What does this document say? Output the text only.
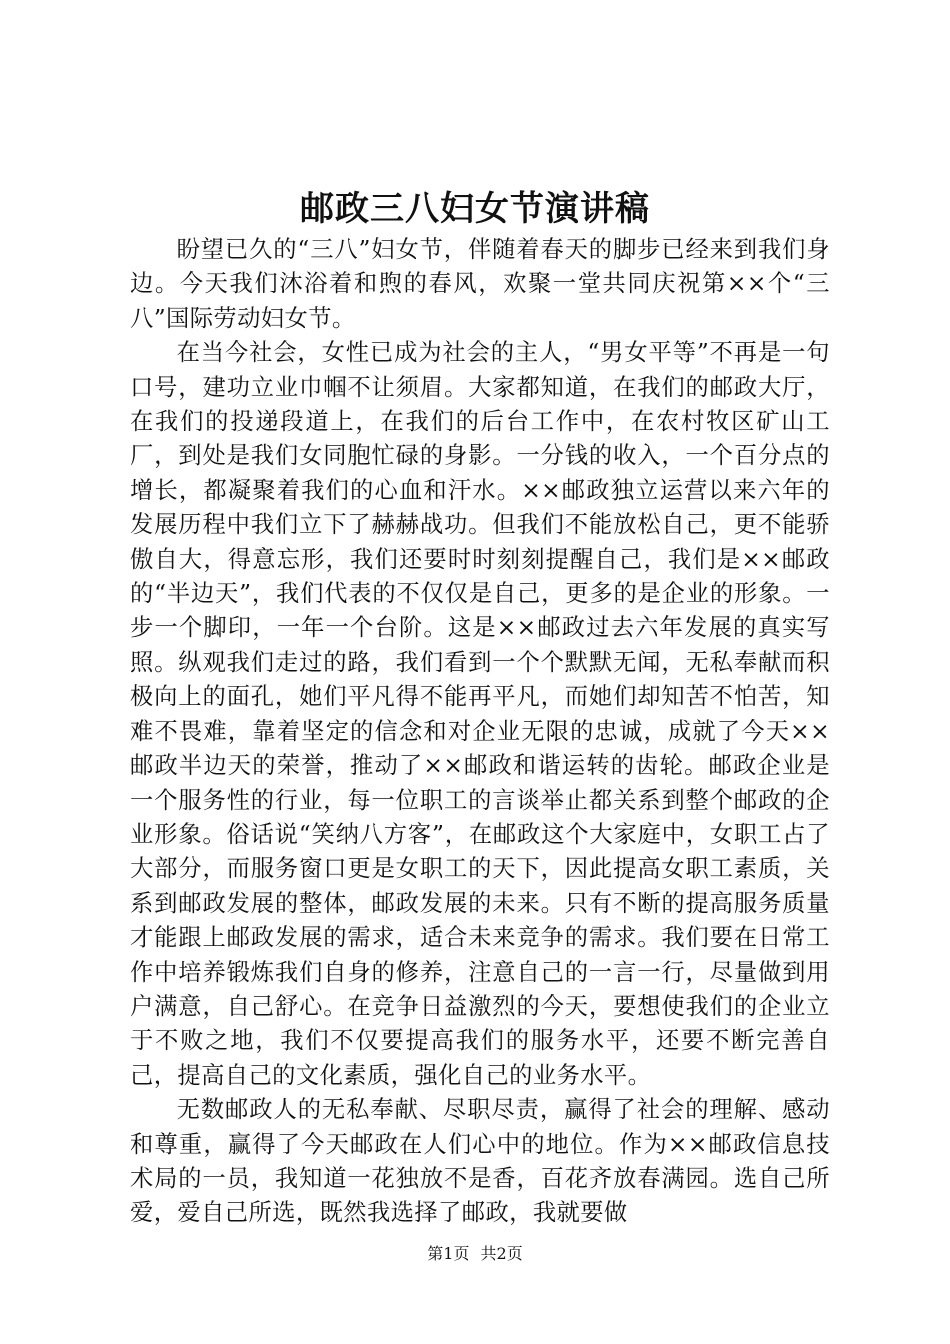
邮政三八妇女节演讲稿

盼望已久的“三八”妇女节，伴随着春天的脚步已经来到我们身边。今天我们沐浴着和煦的春风，欢聚一堂共同庆祝第××个“三八”国际劳动妇女节。

在当今社会，女性已成为社会的主人，“男女平等”不再是一句口号，建功立业巾帼不让须眉。大家都知道，在我们的邮政大厅，在我们的投递段道上，在我们的后台工作中，在农村牧区矿山工厂，到处是我们女同胞忙碌的身影。一分钱的收入，一个百分点的增长，都凝聚着我们的心血和汗水。××邮政独立运营以来六年的发展历程中我们立下了赫赫战功。但我们不能放松自己，更不能骄傲自大，得意忘形，我们还要时时刻刻提醒自己，我们是××邮政的“半边天”，我们代表的不仅仅是自己，更多的是企业的形象。一步一个脚印，一年一个台阶。这是××邮政过去六年发展的真实写照。纵观我们走过的路，我们看到一个个默默无闻，无私奉献而积极向上的面孔，她们平凡得不能再平凡，而她们却知苦不怕苦，知难不畏难，靠着坚定的信念和对企业无限的忠诚，成就了今天××邮政半边天的荣誉，推动了××邮政和谐运转的齿轮。邮政企业是一个服务性的行业，每一位职工的言谈举止都关系到整个邮政的企业形象。俗话说“笑纳八方客”，在邮政这个大家庭中，女职工占了大部分，而服务窗口更是女职工的天下，因此提高女职工素质，关系到邮政发展的整体，邮政发展的未来。只有不断的提高服务质量才能跟上邮政发展的需求，适合未来竞争的需求。我们要在日常工作中培养锻炼我们自身的修养，注意自己的一言一行，尽量做到用户满意，自己舒心。在竞争日益激烈的今天，要想使我们的企业立于不败之地，我们不仅要提高我们的服务水平，还要不断完善自己，提高自己的文化素质，强化自己的业务水平。

无数邮政人的无私奉献、尽职尽责，赢得了社会的理解、感动和尊重，赢得了今天邮政在人们心中的地位。作为××邮政信息技术局的一员，我知道一花独放不是香，百花齐放春满园。选自己所爱，爱自己所选，既然我选择了邮政，我就要做

第1页 共2页
